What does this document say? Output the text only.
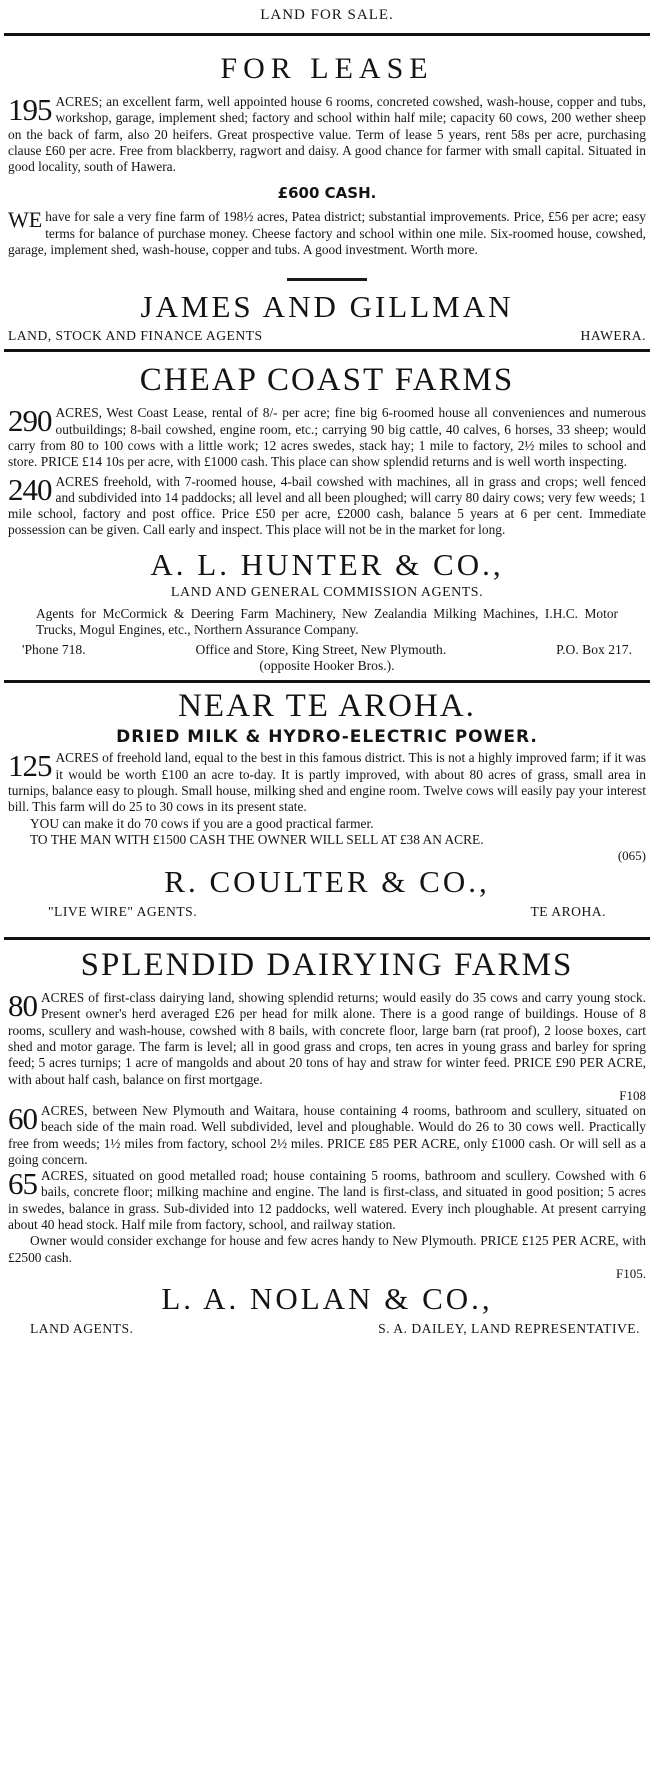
LAND FOR SALE.
FOR LEASE

195 ACRES; an excellent farm, well appointed house 6 rooms, concreted cowshed, wash-house, copper and tubs, workshop, garage, implement shed; factory and school within half mile; capacity 60 cows, 200 wether sheep on the back of farm, also 20 heifers. Great prospective value. Term of lease 5 years, rent 58s per acre, purchasing clause £60 per acre. Free from blackberry, ragwort and daisy. A good chance for farmer with small capital. Situated in good locality, south of Hawera.

£600 CASH.

WE have for sale a very fine farm of 198½ acres, Patea district; substantial improvements. Price, £56 per acre; easy terms for balance of purchase money. Cheese factory and school within one mile. Six-roomed house, cowshed, garage, implement shed, wash-house, copper and tubs. A good investment. Worth more.

JAMES AND GILLMAN
LAND, STOCK AND FINANCE AGENTS	HAWERA.
CHEAP COAST FARMS

290 ACRES, West Coast Lease, rental of 8/- per acre; fine big 6-roomed house all conveniences and numerous outbuildings; 8-bail cowshed, engine room, etc.; carrying 90 big cattle, 40 calves, 6 horses, 33 sheep; would carry from 80 to 100 cows with a little work; 12 acres swedes, stack hay; 1 mile to factory, 2½ miles to school and store. PRICE £14 10s per acre, with £1000 cash. This place can show splendid returns and is well worth inspecting.

240 ACRES freehold, with 7-roomed house, 4-bail cowshed with machines, all in grass and crops; well fenced and subdivided into 14 paddocks; all level and all been ploughed; will carry 80 dairy cows; very few weeds; 1 mile school, factory and post office. Price £50 per acre, £2000 cash, balance 5 years at 6 per cent. Immediate possession can be given. Call early and inspect. This place will not be in the market for long.

A. L. HUNTER & CO.,
LAND AND GENERAL COMMISSION AGENTS.

Agents for McCormick & Deering Farm Machinery, New Zealandia Milking Machines, I.H.C. Motor Trucks, Mogul Engines, etc., Northern Assurance Company.

'Phone 718.	Office and Store, King Street, New Plymouth.	P.O. Box 217.
(opposite Hooker Bros.).
NEAR TE AROHA.
DRIED MILK & HYDRO-ELECTRIC POWER.

125 ACRES of freehold land, equal to the best in this famous district. This is not a highly improved farm; if it was it would be worth £100 an acre to-day. It is partly improved, with about 80 acres of grass, small area in turnips, balance easy to plough. Small house, milking shed and engine room. Twelve cows will easily pay your interest bill. This farm will do 25 to 30 cows in its present state.

YOU can make it do 70 cows if you are a good practical farmer.

TO THE MAN WITH £1500 CASH THE OWNER WILL SELL AT £38 AN ACRE.

(065)
R. COULTER & CO.,
"LIVE WIRE" AGENTS.	TE AROHA.
SPLENDID DAIRYING FARMS

80 ACRES of first-class dairying land, showing splendid returns; would easily do 35 cows and carry young stock. Present owner's herd averaged £26 per head for milk alone. There is a good range of buildings. House of 8 rooms, scullery and wash-house, cowshed with 8 bails, with concrete floor, large barn (rat proof), 2 loose boxes, cart shed and motor garage. The farm is level; all in good grass and crops, ten acres in young grass and barley for spring feed; 5 acres turnips; 1 acre of mangolds and about 20 tons of hay and straw for winter feed. PRICE £90 PER ACRE, with about half cash, balance on first mortgage.

F108

60 ACRES, between New Plymouth and Waitara, house containing 4 rooms, bathroom and scullery, situated on beach side of the main road. Well subdivided, level and ploughable. Would do 26 to 30 cows well. Practically free from weeds; 1½ miles from factory, school 2½ miles. PRICE £85 PER ACRE, only £1000 cash. Or will sell as a going concern.

65 ACRES, situated on good metalled road; house containing 5 rooms, bathroom and scullery. Cowshed with 6 bails, concrete floor; milking machine and engine. The land is first-class, and situated in good position; 5 acres in swedes, balance in grass. Sub-divided into 12 paddocks, well watered. Every inch ploughable. At present carrying about 40 head stock. Half mile from factory, school, and railway station.

Owner would consider exchange for house and few acres handy to New Plymouth. PRICE £125 PER ACRE, with £2500 cash.

F105.
L. A. NOLAN & CO.,
LAND AGENTS.	S. A. DAILEY, LAND REPRESENTATIVE.
